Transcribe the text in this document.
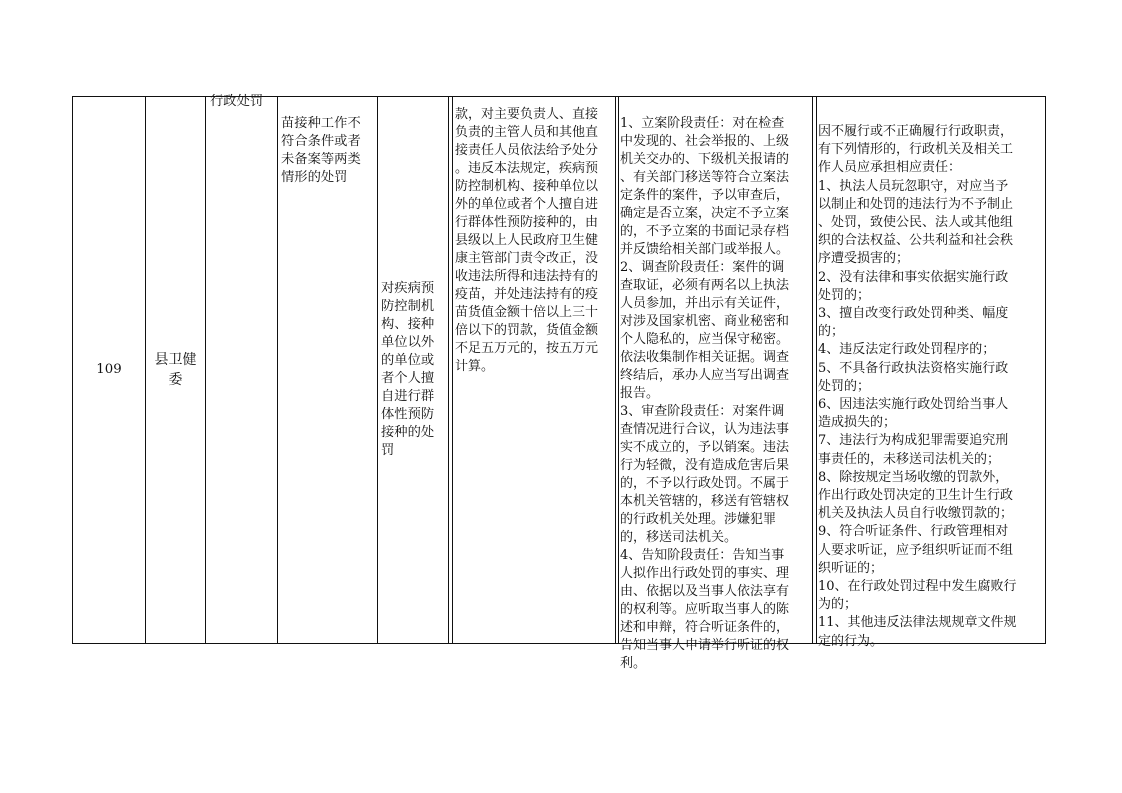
行政处罚

109
县卫健
委

苗接种工作不
符合条件或者
未备案等两类
情形的处罚

对疾病预
防控制机
构、接种
单位以外
的单位或
者个人擅
自进行群
体性预防
接种的处
罚

款，对主要负责人、直接
负责的主管人员和其他直
接责任人员依法给予处分
。违反本法规定，疾病预
防控制机构、接种单位以
外的单位或者个人擅自进
行群体性预防接种的，由
县级以上人民政府卫生健
康主管部门责令改正，没
收违法所得和违法持有的
疫苗，并处违法持有的疫
苗货值金额十倍以上三十
倍以下的罚款，货值金额
不足五万元的，按五万元
计算。

1、立案阶段责任：对在检查
中发现的、社会举报的、上级
机关交办的、下级机关报请的
、有关部门移送等符合立案法
定条件的案件，予以审查后，
确定是否立案，决定不予立案
的，不予立案的书面记录存档
并反馈给相关部门或举报人。
2、调查阶段责任：案件的调
查取证，必须有两名以上执法
人员参加，并出示有关证件，
对涉及国家机密、商业秘密和
个人隐私的，应当保守秘密。
依法收集制作相关证据。调查
终结后，承办人应当写出调查
报告。
3、审查阶段责任：对案件调
查情况进行合议，认为违法事
实不成立的，予以销案。违法
行为轻微，没有造成危害后果
的，不予以行政处罚。不属于
本机关管辖的，移送有管辖权
的行政机关处理。涉嫌犯罪
的，移送司法机关。
4、告知阶段责任：告知当事
人拟作出行政处罚的事实、理
由、依据以及当事人依法享有
的权利等。应听取当事人的陈
述和申辩，符合听证条件的，
告知当事人申请举行听证的权
利。

因不履行或不正确履行行政职责，
有下列情形的，行政机关及相关工
作人员应承担相应责任：
1、执法人员玩忽职守，对应当予
以制止和处罚的违法行为不予制止
、处罚，致使公民、法人或其他组
织的合法权益、公共利益和社会秩
序遭受损害的；
2、没有法律和事实依据实施行政
处罚的；
3、擅自改变行政处罚种类、幅度
的；
4、违反法定行政处罚程序的；
5、不具备行政执法资格实施行政
处罚的；
6、因违法实施行政处罚给当事人
造成损失的；
7、违法行为构成犯罪需要追究刑
事责任的，未移送司法机关的；
8、除按规定当场收缴的罚款外，
作出行政处罚决定的卫生计生行政
机关及执法人员自行收缴罚款的；
9、符合听证条件、行政管理相对
人要求听证，应予组织听证而不组
织听证的；
10、在行政处罚过程中发生腐败行
为的；
11、其他违反法律法规规章文件规
定的行为。
